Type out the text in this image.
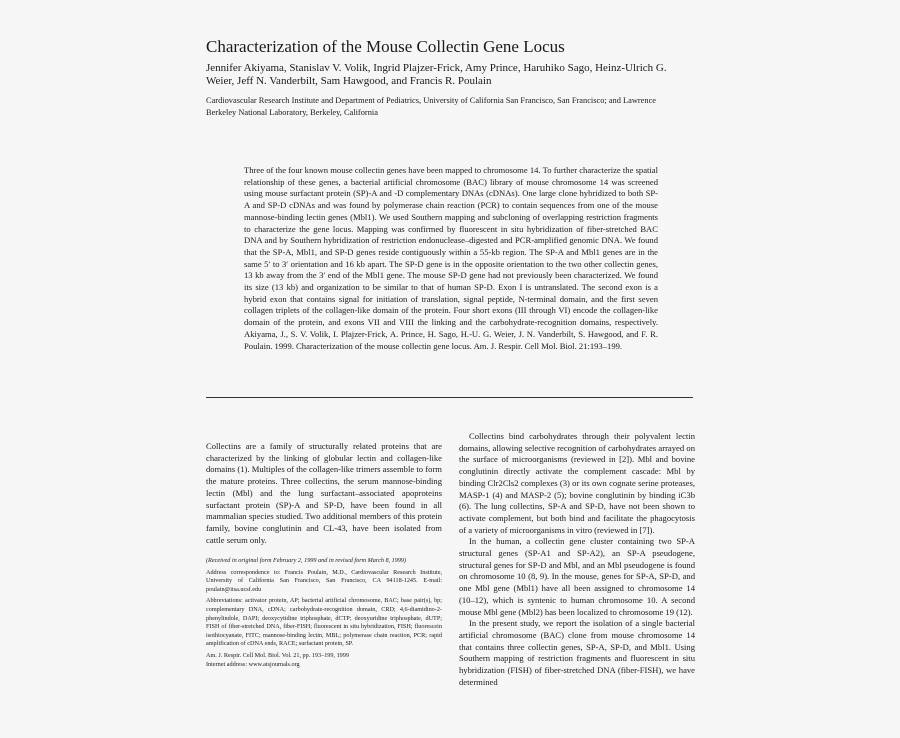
Characterization of the Mouse Collectin Gene Locus
Jennifer Akiyama, Stanislav V. Volik, Ingrid Plajzer-Frick, Amy Prince, Haruhiko Sago, Heinz-Ulrich G. Weier, Jeff N. Vanderbilt, Sam Hawgood, and Francis R. Poulain
Cardiovascular Research Institute and Department of Pediatrics, University of California San Francisco, San Francisco; and Lawrence Berkeley National Laboratory, Berkeley, California
Three of the four known mouse collectin genes have been mapped to chromosome 14. To further characterize the spatial relationship of these genes, a bacterial artificial chromosome (BAC) library of mouse chromosome 14 was screened using mouse surfactant protein (SP)-A and -D complementary DNAs (cDNAs). One large clone hybridized to both SP-A and SP-D cDNAs and was found by polymerase chain reaction (PCR) to contain sequences from one of the mouse mannose-binding lectin genes (Mbl1). We used Southern mapping and subcloning of overlapping restriction fragments to characterize the gene locus. Mapping was confirmed by fluorescent in situ hybridization of fiber-stretched BAC DNA and by Southern hybridization of restriction endonuclease–digested and PCR-amplified genomic DNA. We found that the SP-A, Mbl1, and SP-D genes reside contiguously within a 55-kb region. The SP-A and Mbl1 genes are in the same 5′ to 3′ orientation and 16 kb apart. The SP-D gene is in the opposite orientation to the two other collectin genes, 13 kb away from the 3′ end of the Mbl1 gene. The mouse SP-D gene had not previously been characterized. We found its size (13 kb) and organization to be similar to that of human SP-D. Exon I is untranslated. The second exon is a hybrid exon that contains signal for initiation of translation, signal peptide, N-terminal domain, and the first seven collagen triplets of the collagen-like domain of the protein. Four short exons (III through VI) encode the collagen-like domain of the protein, and exons VII and VIII the linking and the carbohydrate-recognition domains, respectively. Akiyama, J., S. V. Volik, I. Plajzer-Frick, A. Prince, H. Sago, H.-U. G. Weier, J. N. Vanderbilt, S. Hawgood, and F. R. Poulain. 1999. Characterization of the mouse collectin gene locus. Am. J. Respir. Cell Mol. Biol. 21:193–199.

Collectins are a family of structurally related proteins that are characterized by the linking of globular lectin and collagen-like domains (1). Multiples of the collagen-like trimers assemble to form the mature proteins. Three collectins, the serum mannose-binding lectin (Mbl) and the lung surfactant–associated apoproteins surfactant protein (SP)-A and SP-D, have been found in all mammalian species studied. Two additional members of this protein family, bovine conglutinin and CL-43, have been isolated from cattle serum only.

(Received in original form February 2, 1999 and in revised form March 8, 1999)

Address correspondence to: Francis Poulain, M.D., Cardiovascular Research Institute, University of California San Francisco, San Francisco, CA 94118-1245. E-mail: poulain@itsa.ucsf.edu

Abbreviations: activator protein, AP; bacterial artificial chromosome, BAC; base pair(s), bp; complementary DNA, cDNA; carbohydrate-recognition domain, CRD; 4,6-diamidino-2-phenylindole, DAPI; deoxycytidine triphosphate, dCTP; deoxyuridine triphosphate, dUTP; FISH of fiber-stretched DNA, fiber-FISH; fluorescent in situ hybridization, FISH; fluorescein isothiocyanate, FITC; mannose-binding lectin, MBL; polymerase chain reaction, PCR; rapid amplification of cDNA ends, RACE; surfactant protein, SP.

Am. J. Respir. Cell Mol. Biol. Vol. 21, pp. 193–199, 1999

Internet address: www.atsjournals.org

Collectins bind carbohydrates through their polyvalent lectin domains, allowing selective recognition of carbohydrates arrayed on the surface of microorganisms (reviewed in [2]). Mbl and bovine conglutinin directly activate the complement cascade: Mbl by binding Clr2Cls2 complexes (3) or its own cognate serine proteases, MASP-1 (4) and MASP-2 (5); bovine conglutinin by binding iC3b (6). The lung collectins, SP-A and SP-D, have not been shown to activate complement, but both bind and facilitate the phagocytosis of a variety of microorganisms in vitro (reviewed in [7]).

In the human, a collectin gene cluster containing two SP-A structural genes (SP-A1 and SP-A2), an SP-A pseudogene, structural genes for SP-D and Mbl, and an Mbl pseudogene is found on chromosome 10 (8, 9). In the mouse, genes for SP-A, SP-D, and one Mbl gene (Mbl1) have all been assigned to chromosome 14 (10–12), which is syntenic to human chromosome 10. A second mouse Mbl gene (Mbl2) has been localized to chromosome 19 (12).

In the present study, we report the isolation of a single bacterial artificial chromosome (BAC) clone from mouse chromosome 14 that contains three collectin genes, SP-A, SP-D, and Mbl1. Using Southern mapping of restriction fragments and fluorescent in situ hybridization (FISH) of fiber-stretched DNA (fiber-FISH), we have determined
